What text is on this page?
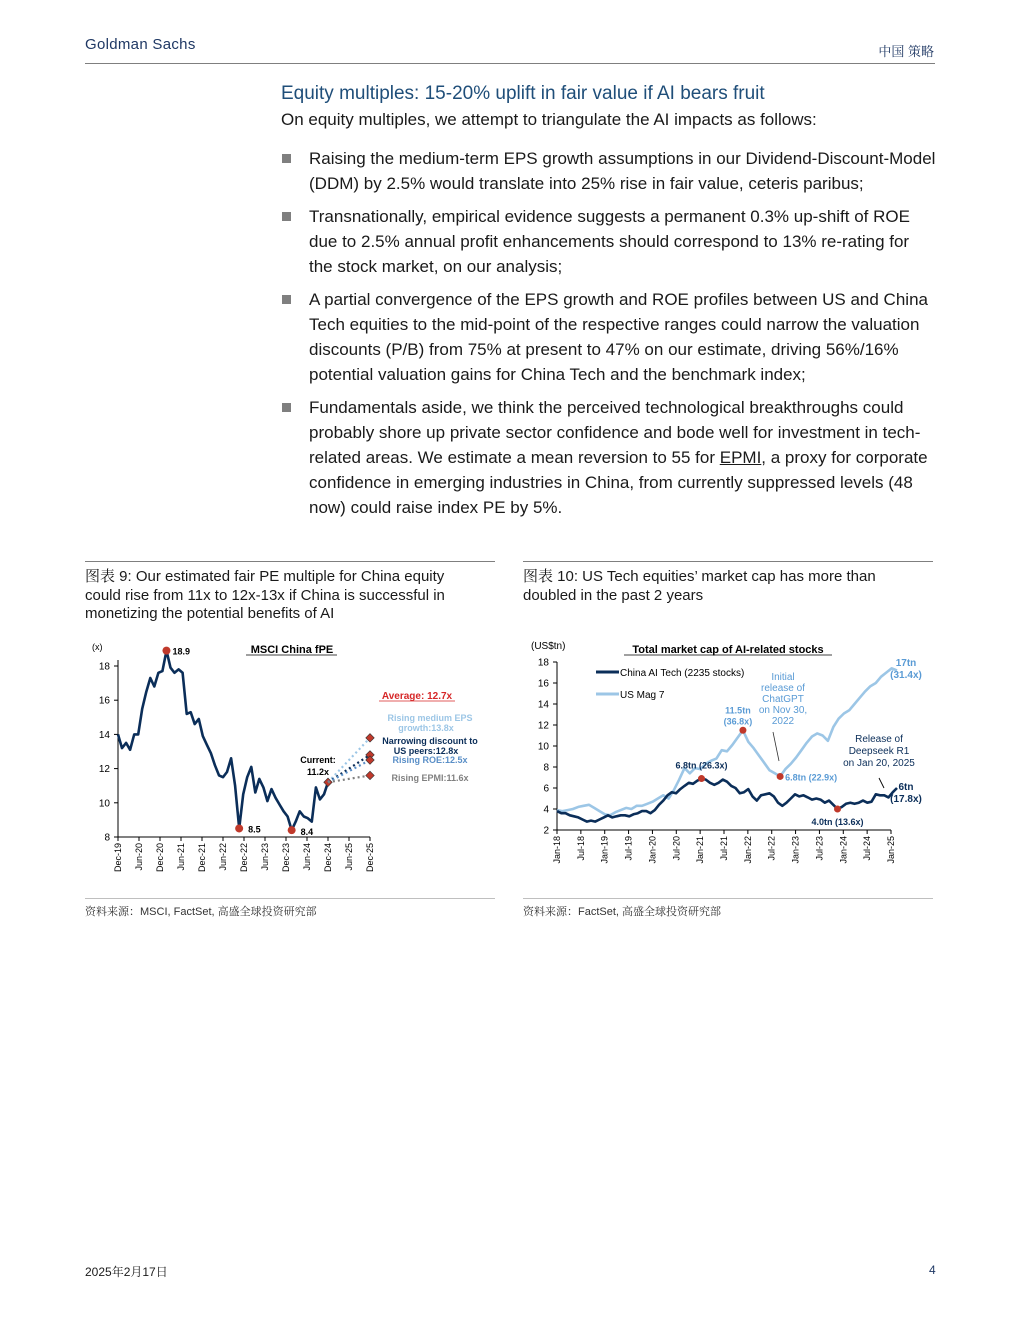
Goldman Sachs	中国 策略
Equity multiples: 15-20% uplift in fair value if AI bears fruit
On equity multiples, we attempt to triangulate the AI impacts as follows:
Raising the medium-term EPS growth assumptions in our Dividend-Discount-Model (DDM) by 2.5% would translate into 25% rise in fair value, ceteris paribus;
Transnationally, empirical evidence suggests a permanent 0.3% up-shift of ROE due to 2.5% annual profit enhancements should correspond to 13% re-rating for the stock market, on our analysis;
A partial convergence of the EPS growth and ROE profiles between US and China Tech equities to the mid-point of the respective ranges could narrow the valuation discounts (P/B) from 75% at present to 47% on our estimate, driving 56%/16% potential valuation gains for China Tech and the benchmark index;
Fundamentals aside, we think the perceived technological breakthroughs could probably shore up private sector confidence and bode well for investment in tech-related areas. We estimate a mean reversion to 55 for EPMI, a proxy for corporate confidence in emerging industries in China, from currently suppressed levels (48 now) could raise index PE by 5%.
图表 9: Our estimated fair PE multiple for China equity could rise from 11x to 12x-13x if China is successful in monetizing the potential benefits of AI
8
10
12
14
16
18
(x)
Dec-19 Jun-20 Dec-20 Jun-21 Dec-21 Jun-22 Dec-22 Jun-23 Dec-23 Jun-24 Dec-24 Jun-25 Dec-25
MSCI China fPE
18.9
8.5	8.4
Current:
11.2x
Average: 12.7x
Rising medium EPS
growth:13.8x
Narrowing discount to
US peers:12.8x
Rising ROE:12.5x
Rising EPMI:11.6x
资料来源：MSCI, FactSet, 高盛全球投资研究部
图表 10: US Tech equities’ market cap has more than doubled in the past 2 years
2
4
6
8
10
12
14
16
18
(US$tn)
Jan-18 Jul-18 Jan-19 Jul-19 Jan-20 Jul-20 Jan-21 Jul-21 Jan-22 Jul-22 Jan-23 Jul-23 Jan-24 Jul-24 Jan-25
Total market cap of AI-related stocks
China AI Tech (2235 stocks)
US Mag 7
11.5tn
(36.8x)
6.8tn (26.3x)
6.8tn (22.9x)
4.0tn (13.6x)
17tn
(31.4x)
6tn
(17.8x)
Initial
release of
ChatGPT
on Nov 30,
2022
Release of
Deepseek R1
on Jan 20, 2025
资料来源：FactSet, 高盛全球投资研究部
2025年2月17日	4
